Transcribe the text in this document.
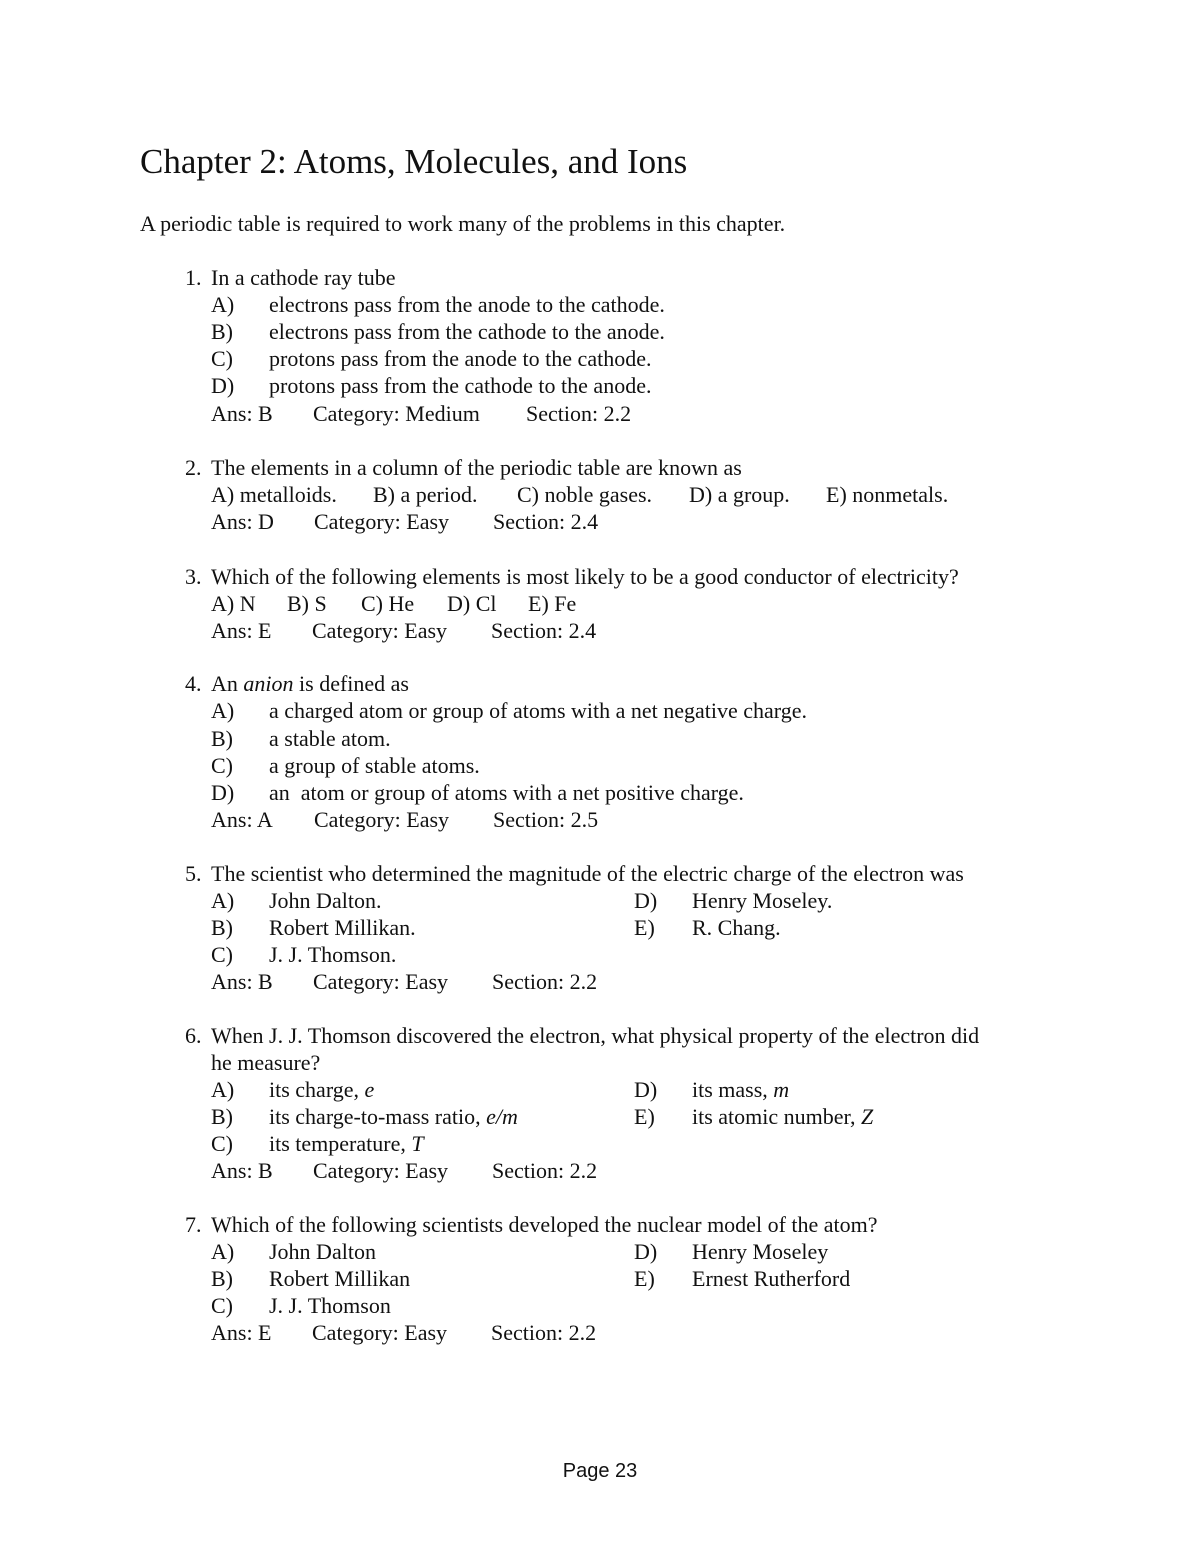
Chapter 2: Atoms, Molecules, and Ions
A periodic table is required to work many of the problems in this chapter.
1. In a cathode ray tube
A) electrons pass from the anode to the cathode.
B) electrons pass from the cathode to the anode.
C) protons pass from the anode to the cathode.
D) protons pass from the cathode to the anode.
Ans: B Category: Medium Section: 2.2
2. The elements in a column of the periodic table are known as
A) metalloids. B) a period. C) noble gases. D) a group. E) nonmetals.
Ans: D Category: Easy Section: 2.4
3. Which of the following elements is most likely to be a good conductor of electricity?
A) N B) S C) He D) Cl E) Fe
Ans: E Category: Easy Section: 2.4
4. An anion is defined as
A) a charged atom or group of atoms with a net negative charge.
B) a stable atom.
C) a group of stable atoms.
D) an  atom or group of atoms with a net positive charge.
Ans: A Category: Easy Section: 2.5
5. The scientist who determined the magnitude of the electric charge of the electron was
A) John Dalton.
B) Robert Millikan.
C) J. J. Thomson.
D) Henry Moseley.
E) R. Chang.
Ans: B Category: Easy Section: 2.2
6. When J. J. Thomson discovered the electron, what physical property of the electron did
he measure?
A) its charge, e
B) its charge-to-mass ratio, e/m
C) its temperature, T
D) its mass, m
E) its atomic number, Z
Ans: B Category: Easy Section: 2.2
7. Which of the following scientists developed the nuclear model of the atom?
A) John Dalton
B) Robert Millikan
C) J. J. Thomson
D) Henry Moseley
E) Ernest Rutherford
Ans: E Category: Easy Section: 2.2
Page 23
